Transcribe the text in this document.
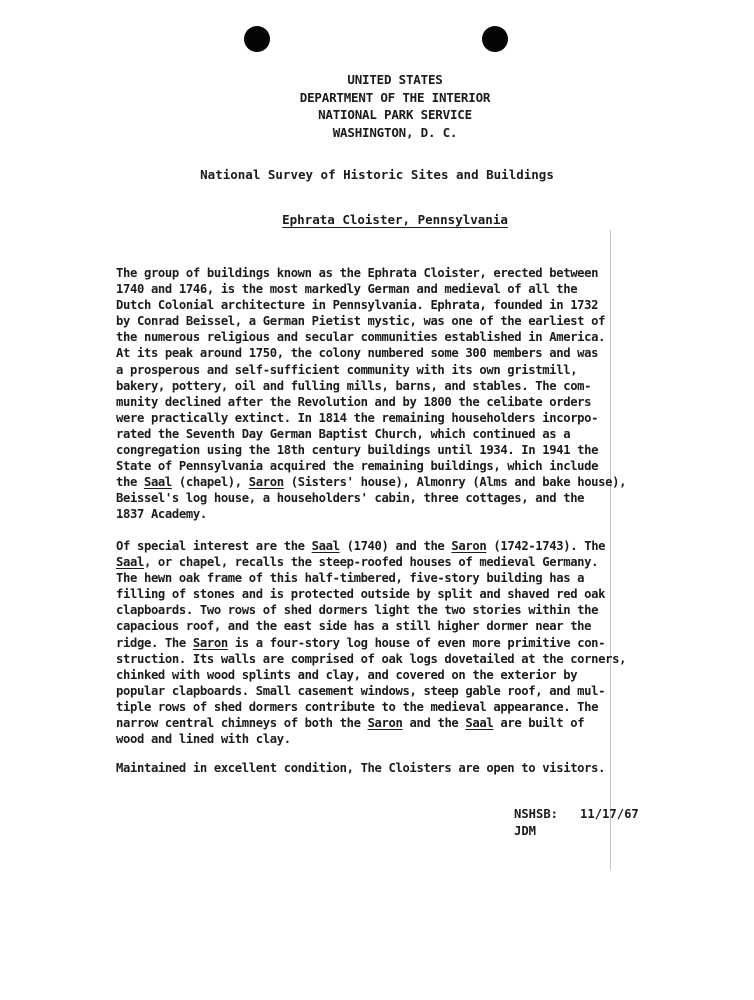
UNITED STATES
DEPARTMENT OF THE INTERIOR
NATIONAL PARK SERVICE
WASHINGTON, D. C.
National Survey of Historic Sites and Buildings
Ephrata Cloister, Pennsylvania
The group of buildings known as the Ephrata Cloister, erected between
1740 and 1746, is the most markedly German and medieval of all the
Dutch Colonial architecture in Pennsylvania. Ephrata, founded in 1732
by Conrad Beissel, a German Pietist mystic, was one of the earliest of
the numerous religious and secular communities established in America.
At its peak around 1750, the colony numbered some 300 members and was
a prosperous and self-sufficient community with its own gristmill,
bakery, pottery, oil and fulling mills, barns, and stables. The com-
munity declined after the Revolution and by 1800 the celibate orders
were practically extinct. In 1814 the remaining householders incorpo-
rated the Seventh Day German Baptist Church, which continued as a
congregation using the 18th century buildings until 1934. In 1941 the
State of Pennsylvania acquired the remaining buildings, which include
the Saal (chapel), Saron (Sisters' house), Almonry (Alms and bake house),
Beissel's log house, a householders' cabin, three cottages, and the
1837 Academy.
Of special interest are the Saal (1740) and the Saron (1742-1743). The
Saal, or chapel, recalls the steep-roofed houses of medieval Germany.
The hewn oak frame of this half-timbered, five-story building has a
filling of stones and is protected outside by split and shaved red oak
clapboards. Two rows of shed dormers light the two stories within the
capacious roof, and the east side has a still higher dormer near the
ridge. The Saron is a four-story log house of even more primitive con-
struction. Its walls are comprised of oak logs dovetailed at the corners,
chinked with wood splints and clay, and covered on the exterior by
popular clapboards. Small casement windows, steep gable roof, and mul-
tiple rows of shed dormers contribute to the medieval appearance. The
narrow central chimneys of both the Saron and the Saal are built of
wood and lined with clay.
Maintained in excellent condition, The Cloisters are open to visitors.
NSHSB: 11/17/67
JDM
